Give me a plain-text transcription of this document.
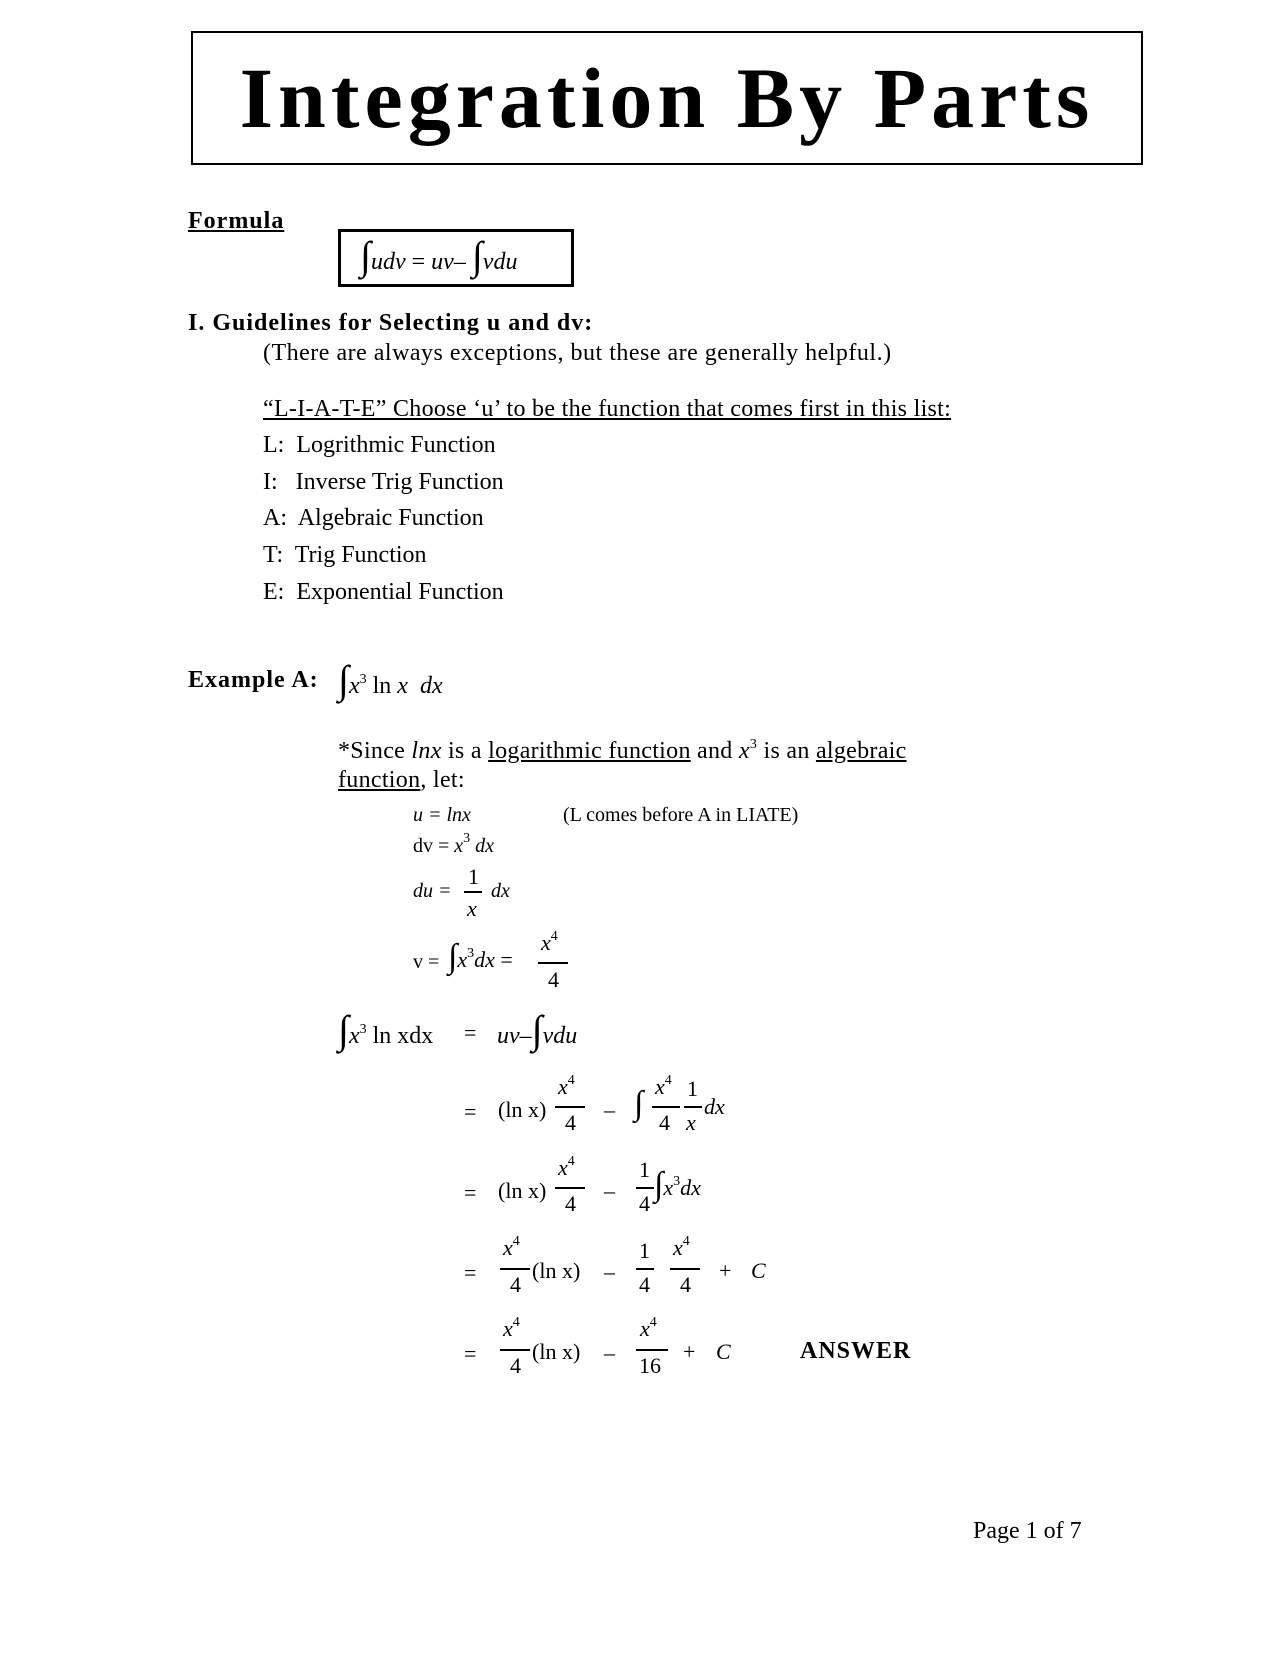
Integration By Parts
Formula
∫udv = uv– ∫vdu
I. Guidelines for Selecting u and dv:
(There are always exceptions, but these are generally helpful.)
“L-I-A-T-E” Choose ‘u’ to be the function that comes first in this list:
L: Logrithmic Function
I: Inverse Trig Function
A: Algebraic Function
T: Trig Function
E: Exponential Function
Example A: $\int x^3$ ln x dx
*Since lnx is a logarithmic function and $x^3$ is an algebraic
function, let:
u = lnx	(L comes before A in LIATE)
dv = $x^3$ dx
du =
1
x
dx
$v = \int x^3dx$ =
$x^4$
4
$\int x^3$ ln xdx = uv–∫vdu
= (ln x)
$x^4$
4
– ∫ $x^4$
4
1
x
dx
= (ln x)
$x^4$
4
–
1
4
$\int x^3dx$
=
$x^4$
4
(ln x) –
1
4
$x^4$
4
+ C
=
$x^4$
4
(ln x) –
$x^4$
16
+ C	ANSWER
Page 1 of 7
